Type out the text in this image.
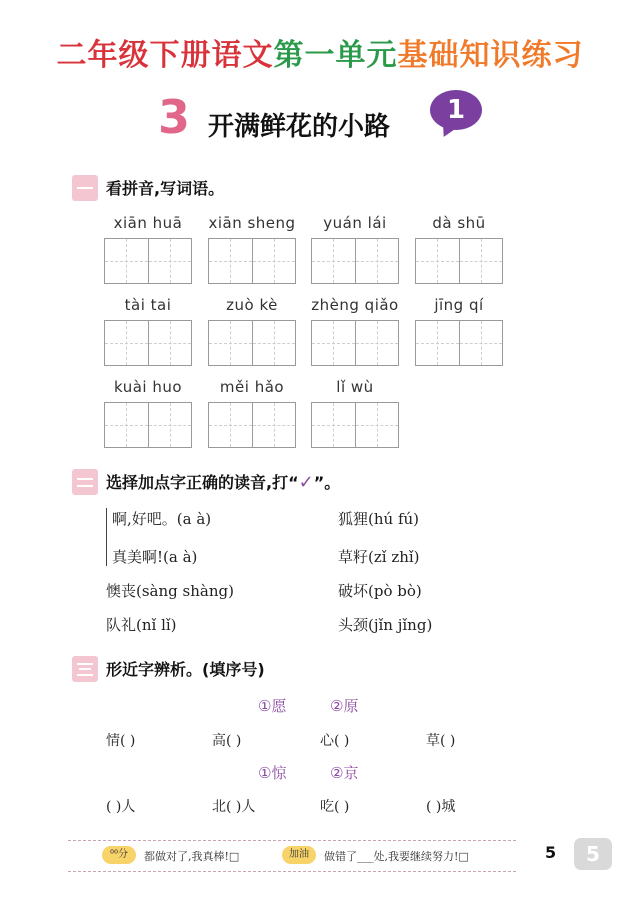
二年级下册语文第一单元基础知识练习
3 开满鲜花的小路
1
看拼音,写词语。
xiān huā	xiān sheng	yuán lái	dà shū
tài tai	zuò kè	zhèng qiǎo	jīng qí
kuài huo	měi hǎo	lǐ wù
选择加点字正确的读音,打“✓”。
啊,好吧。(a à)	狐狸(hú fú)
真美啊!(a à)	草籽(zǐ zhǐ)
懊丧(sàng shàng)	破坏(pò bò)
队礼(nǐ lǐ)	头颈(jǐn jǐng)
形近字辨析。(填序号)
①愿	②原
情( )	高( )	心( )	草( )
①惊	②京
( )人	北( )人	吃( )	( )城
⁰⁰分	都做对了,我真棒!□	加油	做错了___处,我要继续努力!□	5	5
